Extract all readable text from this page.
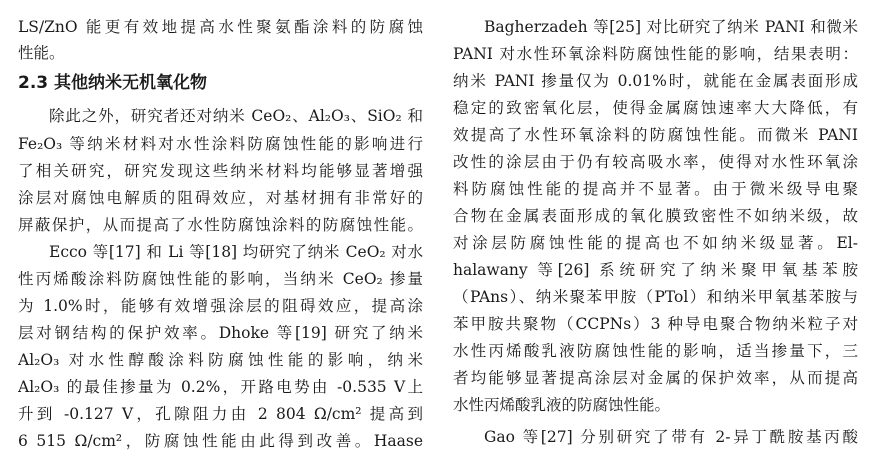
LS/ZnO 能更有效地提高水性聚氨酯涂料的防腐蚀
性能。
2.3 其他纳米无机氧化物
除此之外，研究者还对纳米 CeO₂、Al₂O₃、SiO₂ 和
Fe₂O₃ 等纳米材料对水性涂料防腐蚀性能的影响进行
了相关研究，研究发现这些纳米材料均能够显著增强
涂层对腐蚀电解质的阻碍效应，对基材拥有非常好的
屏蔽保护，从而提高了水性防腐蚀涂料的防腐蚀性能。
Ecco 等[17] 和 Li 等[18] 均研究了纳米 CeO₂ 对水
性丙烯酸涂料防腐蚀性能的影响，当纳米 CeO₂ 掺量
为 1.0%时，能够有效增强涂层的阻碍效应，提高涂
层对钢结构的保护效率。Dhoke 等[19] 研究了纳米
Al₂O₃ 对水性醇酸涂料防腐蚀性能的影响，纳米
Al₂O₃ 的最佳掺量为 0.2%，开路电势由 -0.535 V上
升到 -0.127 V，孔隙阻力由 2 804 Ω/cm² 提高到
6 515 Ω/cm²，防腐蚀性能由此得到改善。Haase
Bagherzadeh 等[25] 对比研究了纳米 PANI 和微米
PANI 对水性环氧涂料防腐蚀性能的影响，结果表明：
纳米 PANI 掺量仅为 0.01%时，就能在金属表面形成
稳定的致密氧化层，使得金属腐蚀速率大大降低，有
效提高了水性环氧涂料的防腐蚀性能。而微米 PANI
改性的涂层由于仍有较高吸水率，使得对水性环氧涂
料防腐蚀性能的提高并不显著。由于微米级导电聚
合物在金属表面形成的氧化膜致密性不如纳米级，故
对涂层防腐蚀性能的提高也不如纳米级显著。El-
halawany 等[26] 系统研究了纳米聚甲氧基苯胺
（PAns）、纳米聚苯甲胺（PTol）和纳米甲氧基苯胺与
苯甲胺共聚物（CCPNs）3 种导电聚合物纳米粒子对
水性丙烯酸乳液防腐蚀性能的影响，适当掺量下，三
者均能够显著提高涂层对金属的保护效率，从而提高
水性丙烯酸乳液的防腐蚀性能。
Gao 等[27] 分别研究了带有 2-异丁酰胺基丙酸
